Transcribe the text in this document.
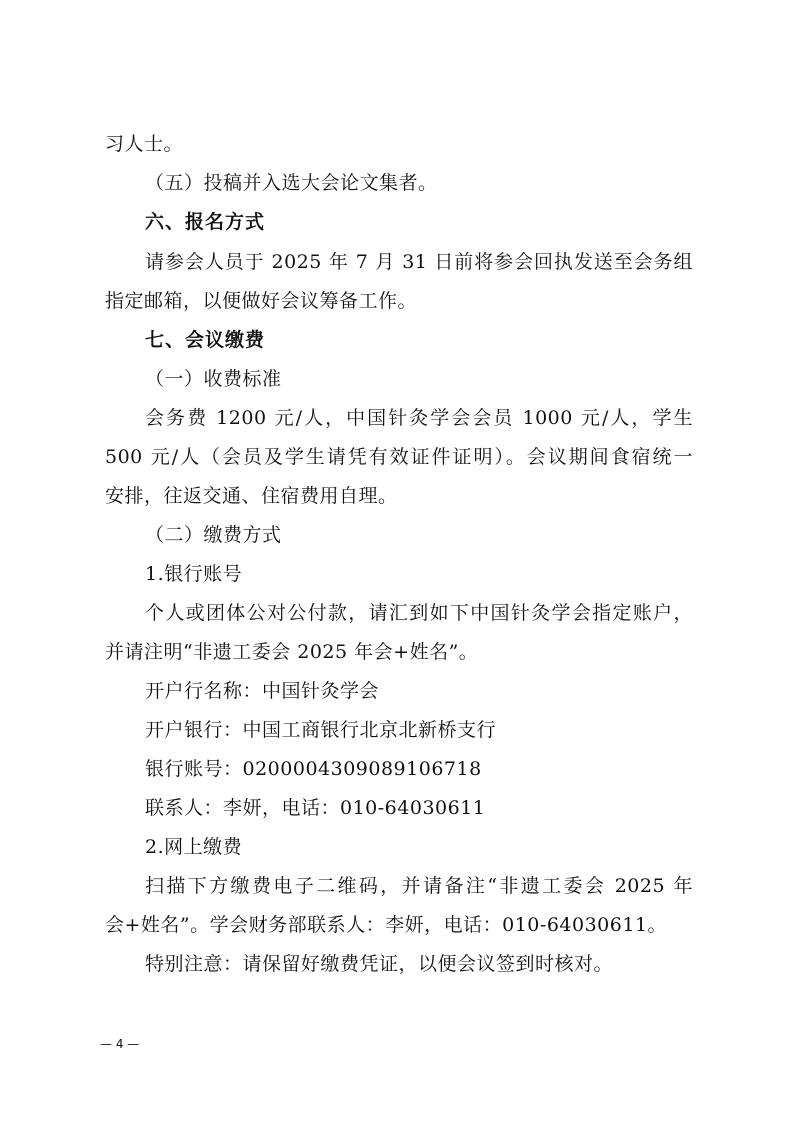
习人士。
（五）投稿并入选大会论文集者。
六、报名方式
请参会人员于 2025 年 7 月 31 日前将参会回执发送至会务组
指定邮箱，以便做好会议筹备工作。
七、会议缴费
（一）收费标准
会务费 1200 元/人，中国针灸学会会员 1000 元/人，学生
500 元/人（会员及学生请凭有效证件证明）。会议期间食宿统一
安排，往返交通、住宿费用自理。
（二）缴费方式
1.银行账号
个人或团体公对公付款，请汇到如下中国针灸学会指定账户，
并请注明“非遗工委会 2025 年会+姓名”。
开户行名称：中国针灸学会
开户银行：中国工商银行北京北新桥支行
银行账号：0200004309089106718
联系人：李妍，电话：010-64030611
2.网上缴费
扫描下方缴费电子二维码，并请备注“非遗工委会 2025 年
会+姓名”。学会财务部联系人：李妍，电话：010-64030611。
特别注意：请保留好缴费凭证，以便会议签到时核对。
— 4 —
